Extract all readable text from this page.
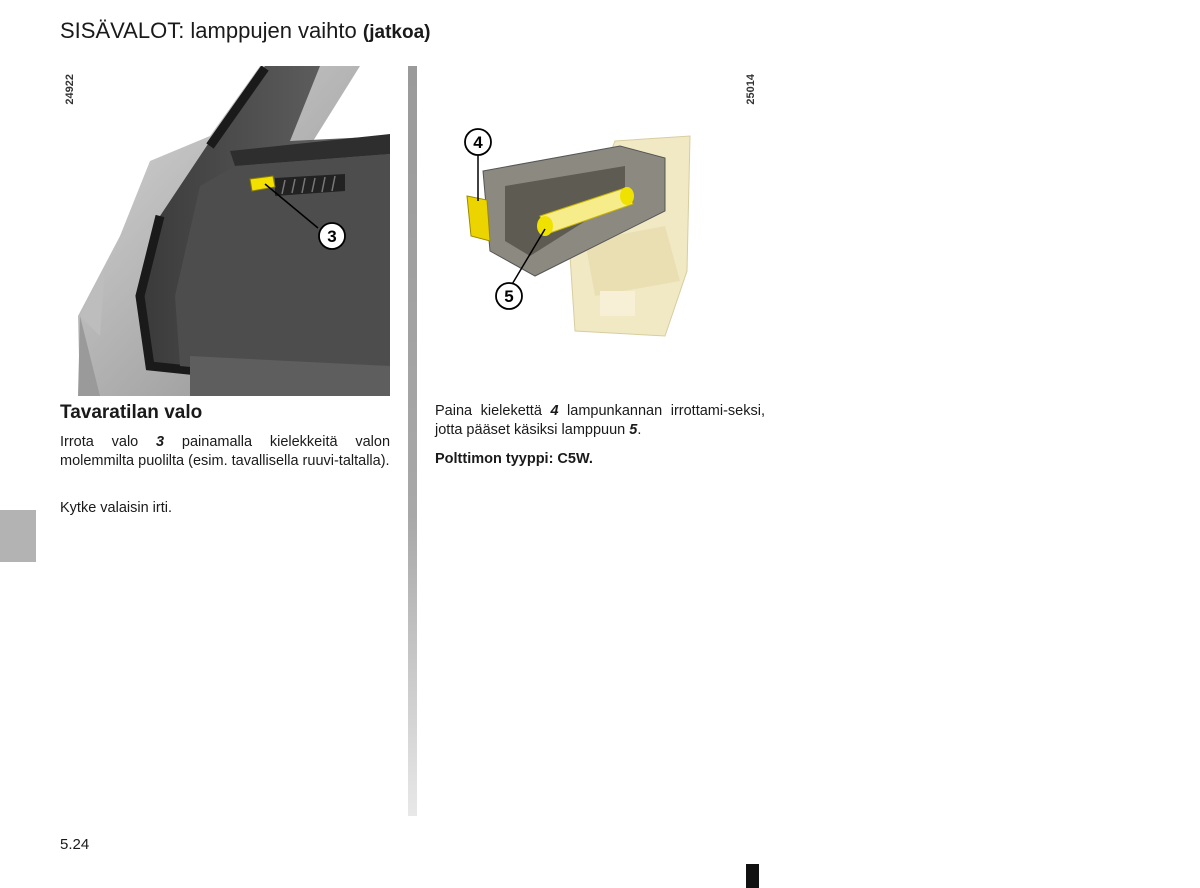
SISÄVALOT: lamppujen vaihto (jatkoa)
3
24922
4
5
25014
Tavaratilan valo

Irrota valo 3 painamalla kielekkeitä valon molemmilta puolilta (esim. tavallisella ruuvi-taltalla).

Kytke valaisin irti.

Paina kielekettä 4 lampunkannan irrottami-seksi, jotta pääset käsiksi lamppuun 5.

Polttimon tyyppi: C5W.

5.24
